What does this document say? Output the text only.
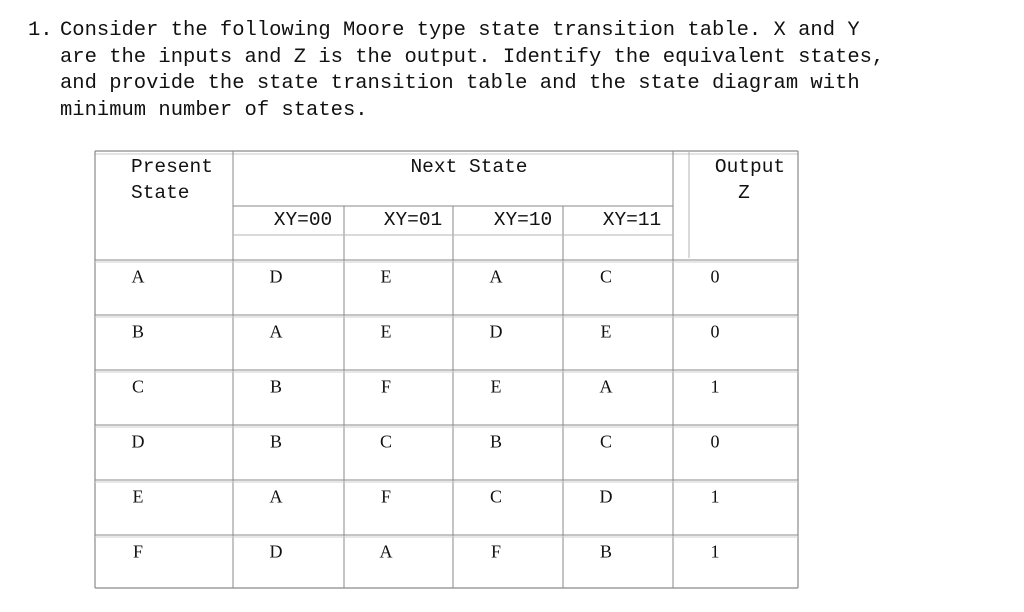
1. Consider the following Moore type state transition table. X and Y
are the inputs and Z is the output. Identify the equivalent states,
and provide the state transition table and the state diagram with
minimum number of states.
Present
State
Next State	Output
Z
XY=00	XY=01	XY=10	XY=11
A	D	E	A	C	0
B	A	E	D	E	0
C	B	F	E	A	1
D	B	C	B	C	0
E	A	F	C	D	1
F	D	A	F	B	1
